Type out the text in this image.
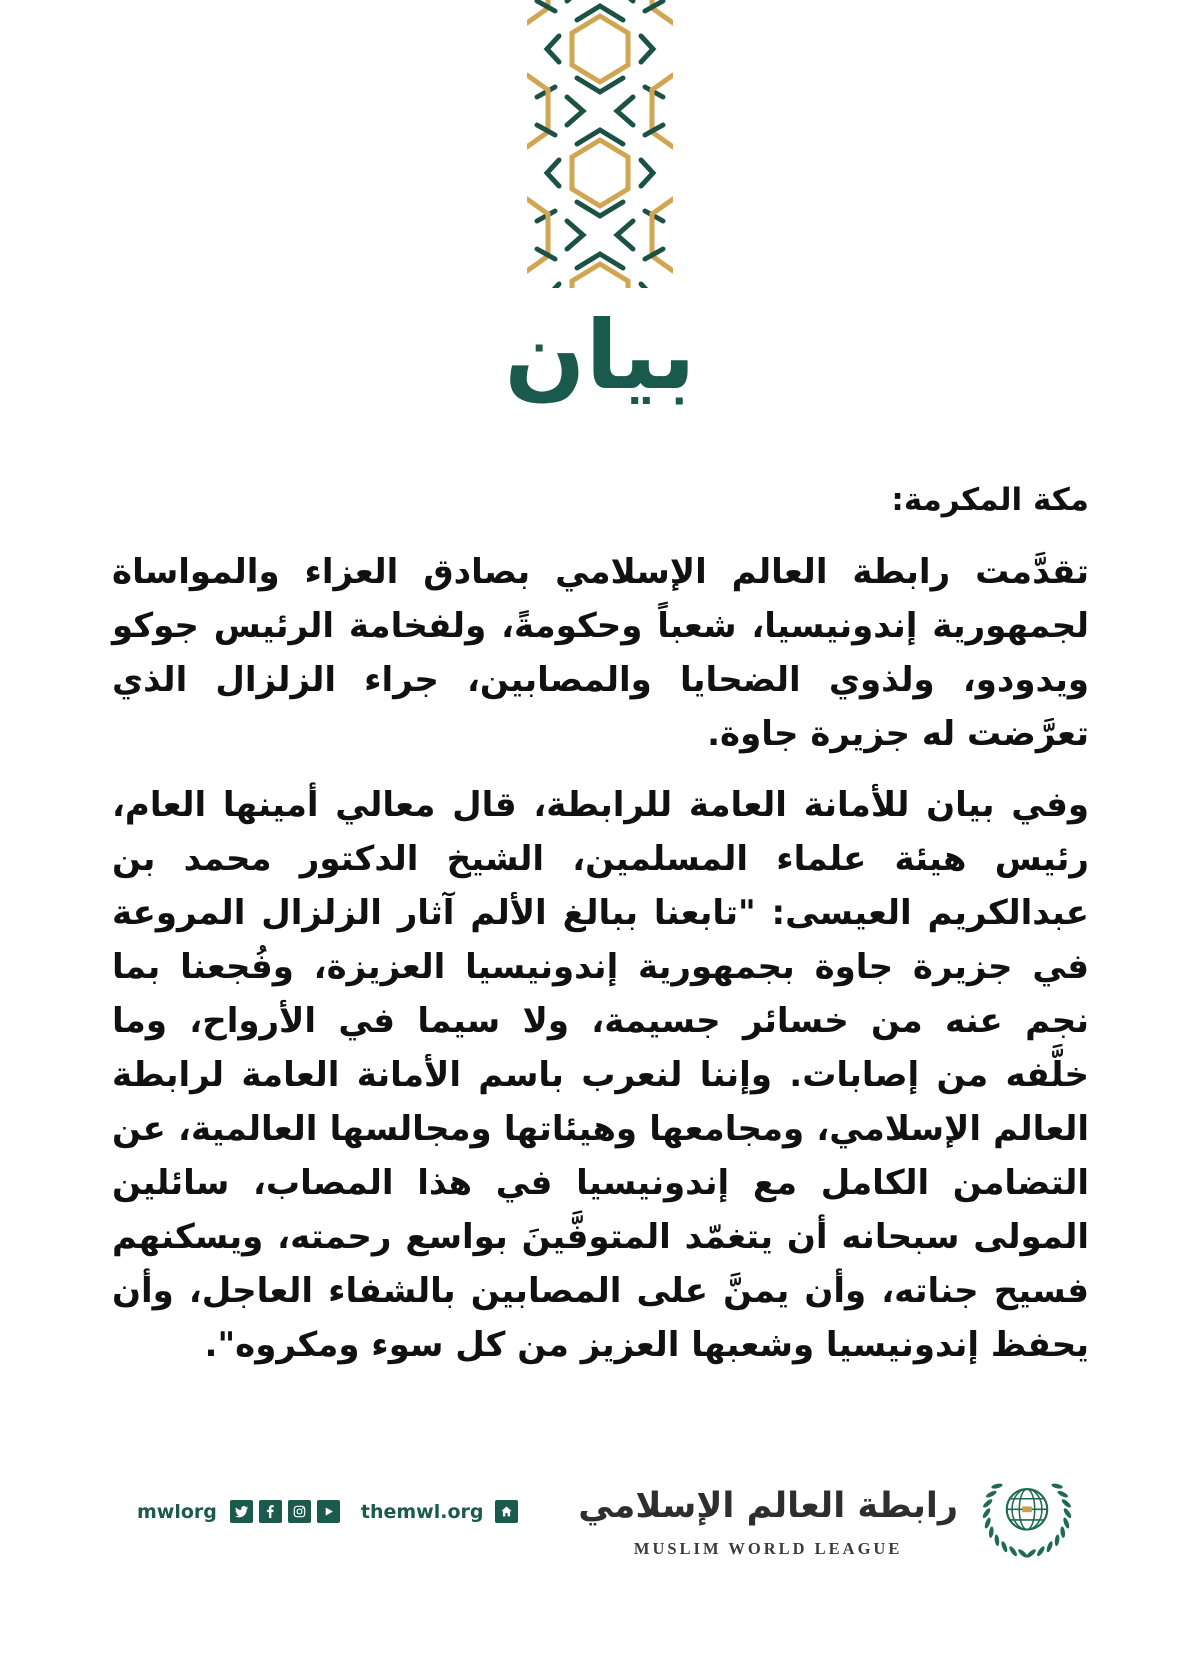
بيان
مكة المكرمة:

تقدَّمت رابطة العالم الإسلامي بصادق العزاء والمواساة لجمهورية إندونيسيا، شعباً وحكومةً، ولفخامة الرئيس جوكو ويدودو، ولذوي الضحايا والمصابين، جراء الزلزال الذي تعرَّضت له جزيرة جاوة.

وفي بيان للأمانة العامة للرابطة، قال معالي أمينها العام، رئيس هيئة علماء المسلمين، الشيخ الدكتور محمد بن عبدالكريم العيسى: "تابعنا ببالغ الألم آثار الزلزال المروعة في جزيرة جاوة بجمهورية إندونيسيا العزيزة، وفُجعنا بما نجم عنه من خسائر جسيمة، ولا سيما في الأرواح، وما خلَّفه من إصابات. وإننا لنعرب باسم الأمانة العامة لرابطة العالم الإسلامي، ومجامعها وهيئاتها ومجالسها العالمية، عن التضامن الكامل مع إندونيسيا في هذا المصاب، سائلين المولى سبحانه أن يتغمّد المتوفَّينَ بواسع رحمته، ويسكنهم فسيح جناته، وأن يمنَّ على المصابين بالشفاء العاجل، وأن يحفظ إندونيسيا وشعبها العزيز من كل سوء ومكروه".

mwlorg	themwl.org	رابطة العالم الإسلامي
MUSLIM WORLD LEAGUE
